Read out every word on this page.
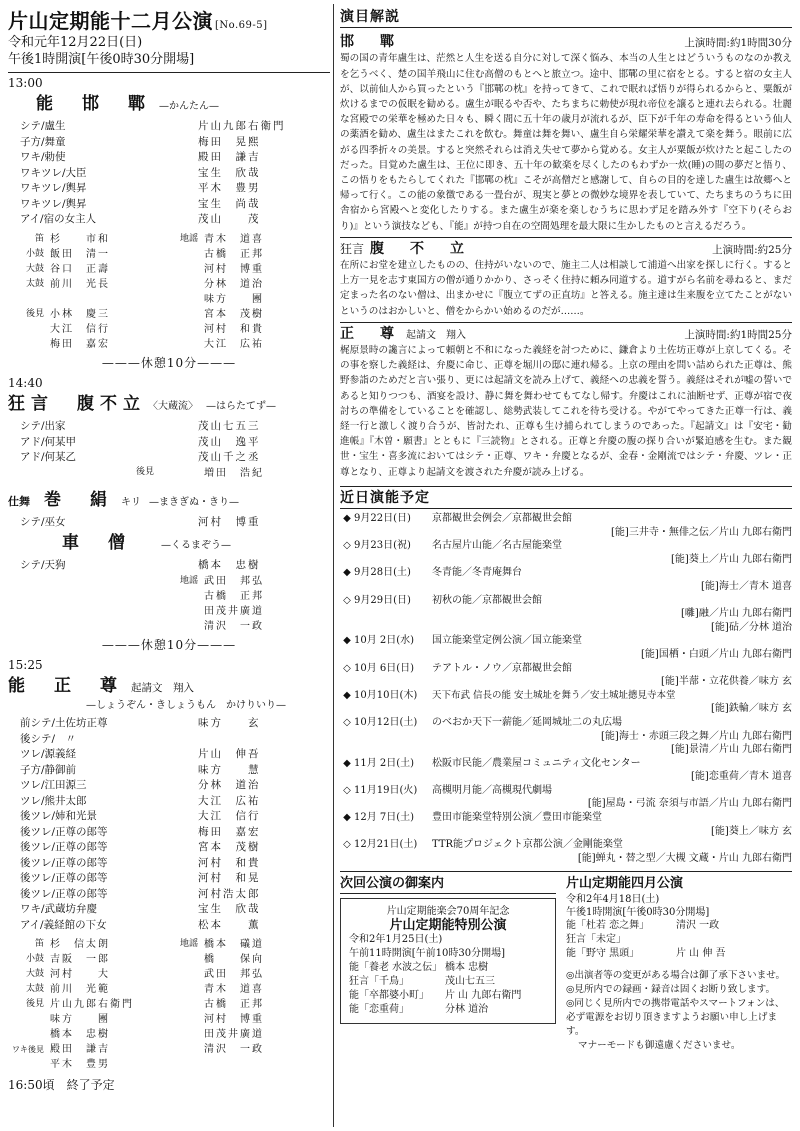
片山定期能十二月公演 [No.69-5]
令和元年12月22日(日)
午後1時開演[午後0時30分開場]
13:00
能　邯　鄲 —かんたん—
シテ/盧生	片山九郎右衛門
子方/舞童	梅田　晃熙
ワキ/勅使	殿田　謙吉
ワキツレ/大臣	宝生　欣哉
ワキツレ/輿昇	平木　豊男
ワキツレ/輿昇	宝生　尚哉
アイ/宿の女主人	茂山　　茂
笛 杉　　市和	地謡 青木　道喜
小鼓 飯田　清一	古橋　正邦
大鼓 谷口　正壽	河村　博重
太鼓 前川　光長	分林　道治
味方　　團
後見 小林　慶三	宮本　茂樹
大江　信行	河村　和貴
梅田　嘉宏	大江　広祐
———休憩10分———
14:40
狂言　腹不立 〈大蔵流〉 —はらたてず—
シテ/出家	茂山七五三
アド/何某甲	茂山　逸平
アド/何某乙	茂山千之丞
後見	増田　浩紀
仕舞 巻　絹 キリ —まきぎぬ・きり—
シテ/巫女	河村　博重
車　僧	—くるまぞう—
シテ/天狗	橋本　忠樹
地謡 武田　邦弘
古橋　正邦
田茂井廣道
清沢　一政
———休憩10分———
15:25
能　正　尊 起請文　翔入
—しょうぞん・きしょうもん　かけりいり—
前シテ/土佐坊正尊	味方　　玄
後シテ/　〃
ツレ/源義経	片山　伸吾
子方/静御前	味方　　慧
ツレ/江田源三	分林　道治
ツレ/熊井太郎	大江　広祐
後ツレ/姉和光景	大江　信行
後ツレ/正尊の郎等	梅田　嘉宏
後ツレ/正尊の郎等	宮本　茂樹
後ツレ/正尊の郎等	河村　和貴
後ツレ/正尊の郎等	河村　和晃
後ツレ/正尊の郎等	河村浩太郎
ワキ/武蔵坊弁慶	宝生　欣哉
アイ/義経館の下女	松本　　薫
笛 杉　信太朗	地謡 橋本　礒道
小鼓 吉阪　一郎	橋　　保向
大鼓 河村　　大	武田　邦弘
太鼓 前川　光範	青木　道喜
後見 片山九郎右衛門	古橋　正邦
味方　　團	河村　博重
橋本　忠樹	田茂井廣道
ワキ後見 殿田　謙吉	清沢　一政
平木　豊男
16:50頃　終了予定
演目解説
邯　鄲	上演時間:約1時間30分
蜀の国の青年盧生は、茫然と人生を送る自分に対して深く悩み、本当の人生とはどういうものなのか教えを乞うべく、楚の国羊飛山に住む高僧のもとへと旅立つ。途中、邯鄲の里に宿をとる。すると宿の女主人が、以前仙人から買ったという『邯鄲の枕』を持ってきて、これで眠れば悟りが得られるからと、粟飯が炊けるまでの仮眠を勧める。盧生が眠るや否や、たちまちに勅使が現れ帝位を譲ると連れ去られる。壮麗な宮殿での栄華を極めた日々も、瞬く間に五十年の歳月が流れるが、臣下が千年の寿命を得るという仙人の薬酒を勧め、盧生はまたこれを飲む。舞童は舞を舞い、盧生自ら栄耀栄華を讃えて楽を舞う。眼前に広がる四季折々の美景。すると突然それらは消え失せて夢から覚める。女主人が粟飯が炊けたと起こしたのだった。目覚めた盧生は、王位に即き、五十年の歓楽を尽くしたのもわずか一炊(睡)の間の夢だと悟り、この悟りをもたらしてくれた『邯鄲の枕』こそが高僧だと感謝して、自らの目的を達した盧生は故郷へと帰って行く。この能の象徴である一畳台が、現実と夢との微妙な境界を表していて、たちまちのうちに田舎宿から宮殿へと変化したりする。また盧生が楽を楽しむうちに思わず足を踏み外す『空下り(そらおり)』という演技なども、『能』が持つ自在の空間処理を最大限に生かしたものと言えるだろう。
狂言 腹　不　立	上演時間:約25分
在所にお堂を建立したものの、住持がいないので、施主二人は相談して浦道へ出家を探しに行く。すると上方一見を志す東国方の僧が通りかかり、さっそく住持に頼み同道する。道すがら名前を尋ねると、まだ定まった名のない僧は、出まかせに『腹立てずの正直坊』と答える。施主達は生来腹を立てたことがないというのはおかしいと、僧をからかい始めるのだが……。
正　尊 起請文　翔入	上演時間:約1時間25分
梶原景時の讒言によって頼朝と不和になった義経を討つために、鎌倉より土佐坊正尊が上京してくる。その事を察した義経は、弁慶に命じ、正尊を堀川の邸に連れ帰る。上京の理由を問い詰められた正尊は、熊野参詣のためだと言い張り、更には起請文を読み上げて、義経への忠義を誓う。義経はそれが嘘の誓いであると知りつつも、酒宴を設け、静に舞を舞わせてもてなし帰す。弁慶はこれに油断せず、正尊が宿で夜討ちの準備をしていることを確認し、総勢武装してこれを待ち受ける。やがてやってきた正尊一行は、義経一行と激しく渡り合うが、皆討たれ、正尊も生け捕られてしまうのであった。『起請文』は『安宅・勧進帳』『木曽・願書』とともに『三読物』とされる。正尊と弁慶の腹の探り合いが緊迫感を生む。また観世・宝生・喜多流においてはシテ・正尊、ワキ・弁慶となるが、金春・金剛流ではシテ・弁慶、ツレ・正尊となり、正尊より起請文を渡された弁慶が読み上げる。
近日演能予定
◆ 9月22日(日)	京都観世会例会／京都観世会館
[能]三井寺・無俳之伝／片山 九郎右衛門
◇ 9月23日(祝)	名古屋片山能／名古屋能楽堂
[能]葵上／片山 九郎右衛門
◆ 9月28日(土)	冬青能／冬青庵舞台
[能]海士／青木 道喜
◇ 9月29日(日)	初秋の能／京都観世会館
[囃]融／片山 九郎右衛門
[能]砧／分林 道治
◆ 10月 2日(水)	国立能楽堂定例公演／国立能楽堂
[能]国栖・白頭／片山 九郎右衛門
◇ 10月 6日(日)	テアトル・ノウ／京都観世会館
[能]半蔀・立花供養／味方 玄
◆ 10月10日(木)	天下布武 信長の能 安土城址を舞う／安土城址摠見寺本堂
[能]鉄輪／味方 玄
◇ 10月12日(土)	のべおか天下一薪能／延岡城址二の丸広場
[能]海士・赤頭三段之舞／片山 九郎右衛門
[能]景清／片山 九郎右衛門
◆ 11月 2日(土)	松阪市民能／農業屋コミュニティ文化センター
[能]恋重荷／青木 道喜
◇ 11月19日(火)	高槻明月能／高槻現代劇場
[能]屋島・弓流 奈須与市語／片山 九郎右衛門
◆ 12月 7日(土)	豊田市能楽堂特別公演／豊田市能楽堂
[能]葵上／味方 玄
◇ 12月21日(土)	TTR能プロジェクト京都公演／金剛能楽堂
[能]蝉丸・替之型／大槻 文蔵・片山 九郎右衛門
次回公演の御案内
片山定期能楽会70周年記念
片山定期能特別公演
令和2年1月25日(土)
午前11時開演[午前10時30分開場]
能「養老 水波之伝」 橋本 忠樹
狂言「千鳥」	茂山七五三
能「卒都婆小町」	片 山 九郎右衛門
能「恋重荷」	分林 道治
片山定期能四月公演
令和2年4月18日(土)
午後1時開演[午後0時30分開場]
能「杜若 恋之舞」	清沢 一政
狂言「未定」
能「野守 黒頭」	片 山 伸 吾
◎出演者等の変更がある場合は御了承下さいませ。
◎見所内での録画・録音は固くお断り致します。
◎同じく見所内での携帯電話やスマートフォンは、必ず電源をお切り頂きますようお願い申し上げます。
マナーモードも御遠慮くださいませ。
